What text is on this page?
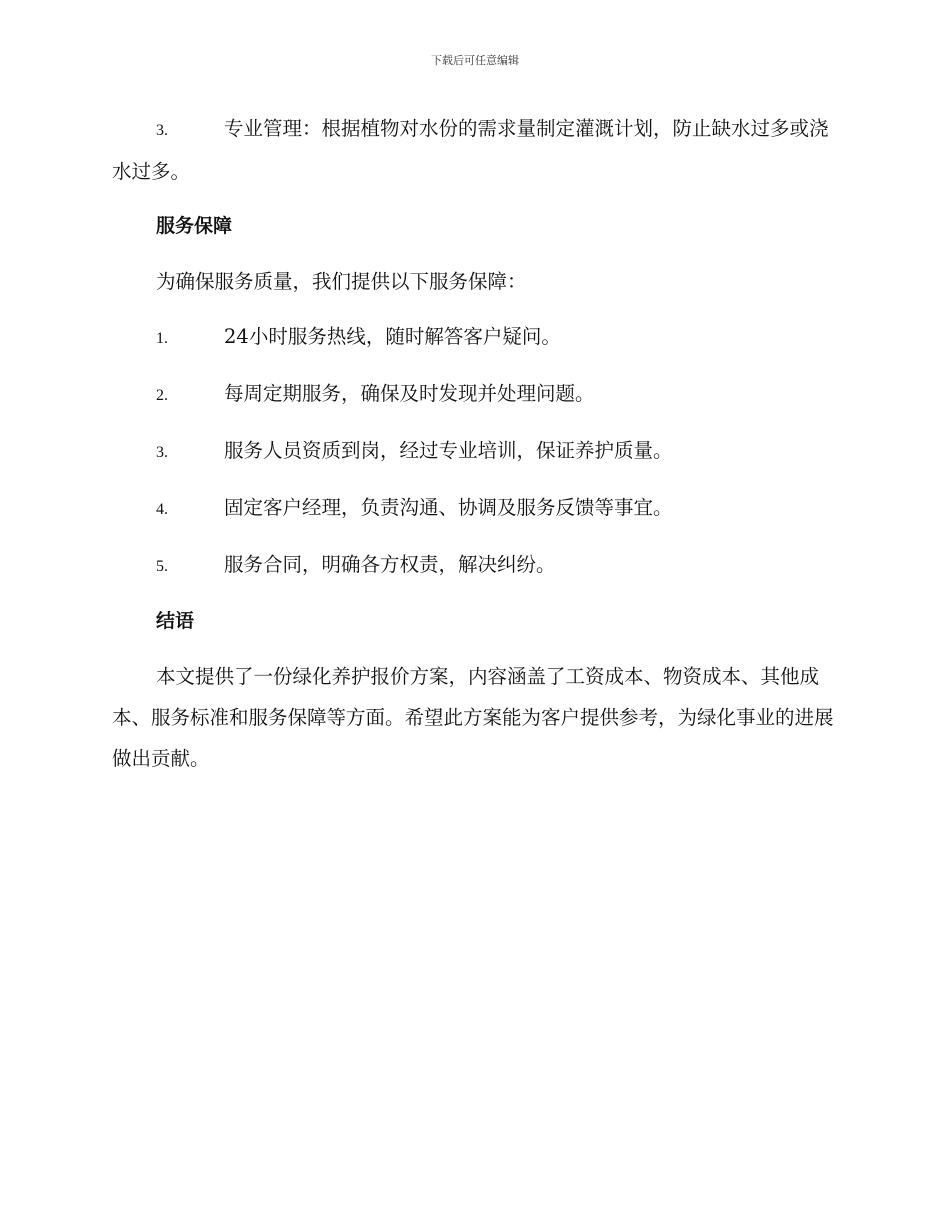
下载后可任意编辑
3.	专业管理：根据植物对水份的需求量制定灌溉计划，防止缺水过多或浇水过多。
服务保障
为确保服务质量，我们提供以下服务保障：
1.	24小时服务热线，随时解答客户疑问。
2.	每周定期服务，确保及时发现并处理问题。
3.	服务人员资质到岗，经过专业培训，保证养护质量。
4.	固定客户经理，负责沟通、协调及服务反馈等事宜。
5.	服务合同，明确各方权责，解决纠纷。
结语
本文提供了一份绿化养护报价方案，内容涵盖了工资成本、物资成本、其他成本、服务标准和服务保障等方面。希望此方案能为客户提供参考，为绿化事业的进展做出贡献。
